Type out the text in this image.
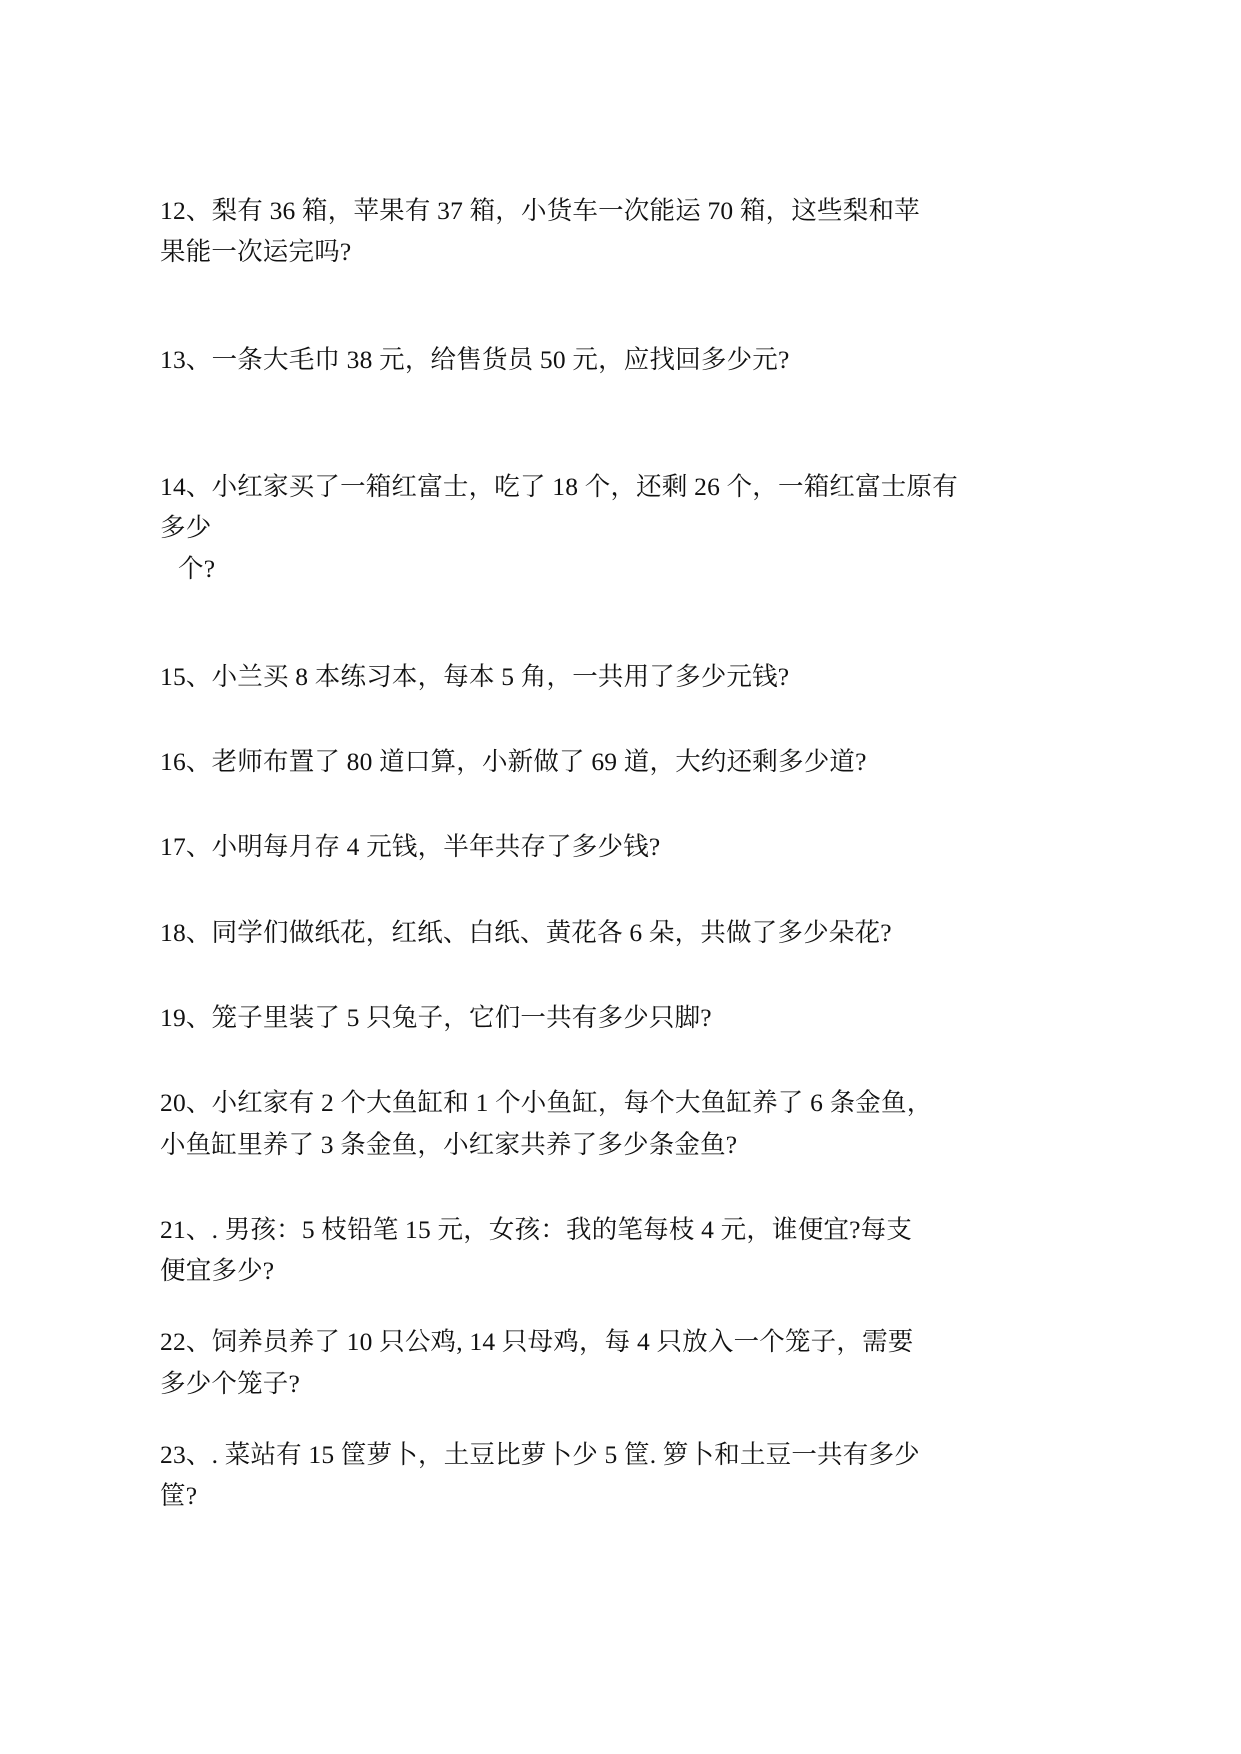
12、梨有 36 箱，苹果有 37 箱，小货车一次能运 70 箱，这些梨和苹
果能一次运完吗?

13、一条大毛巾 38 元，给售货员 50 元，应找回多少元?

14、小红家买了一箱红富士，吃了 18 个，还剩 26 个，一箱红富士原有
多少
个?

15、小兰买 8 本练习本，每本 5 角，一共用了多少元钱?

16、老师布置了 80 道口算，小新做了 69 道，大约还剩多少道?

17、小明每月存 4 元钱，半年共存了多少钱?

18、同学们做纸花，红纸、白纸、黄花各 6 朵，共做了多少朵花?

19、笼子里装了 5 只兔子，它们一共有多少只脚?

20、小红家有 2 个大鱼缸和 1 个小鱼缸，每个大鱼缸养了 6 条金鱼，
小鱼缸里养了 3 条金鱼，小红家共养了多少条金鱼?

21、. 男孩：5 枝铅笔 15 元，女孩：我的笔每枝 4 元，谁便宜?每支
便宜多少?

22、饲养员养了 10 只公鸡, 14 只母鸡，每 4 只放入一个笼子，需要
多少个笼子?

23、. 菜站有 15 筐萝卜，土豆比萝卜少 5 筐. 箩卜和土豆一共有多少
筐?
